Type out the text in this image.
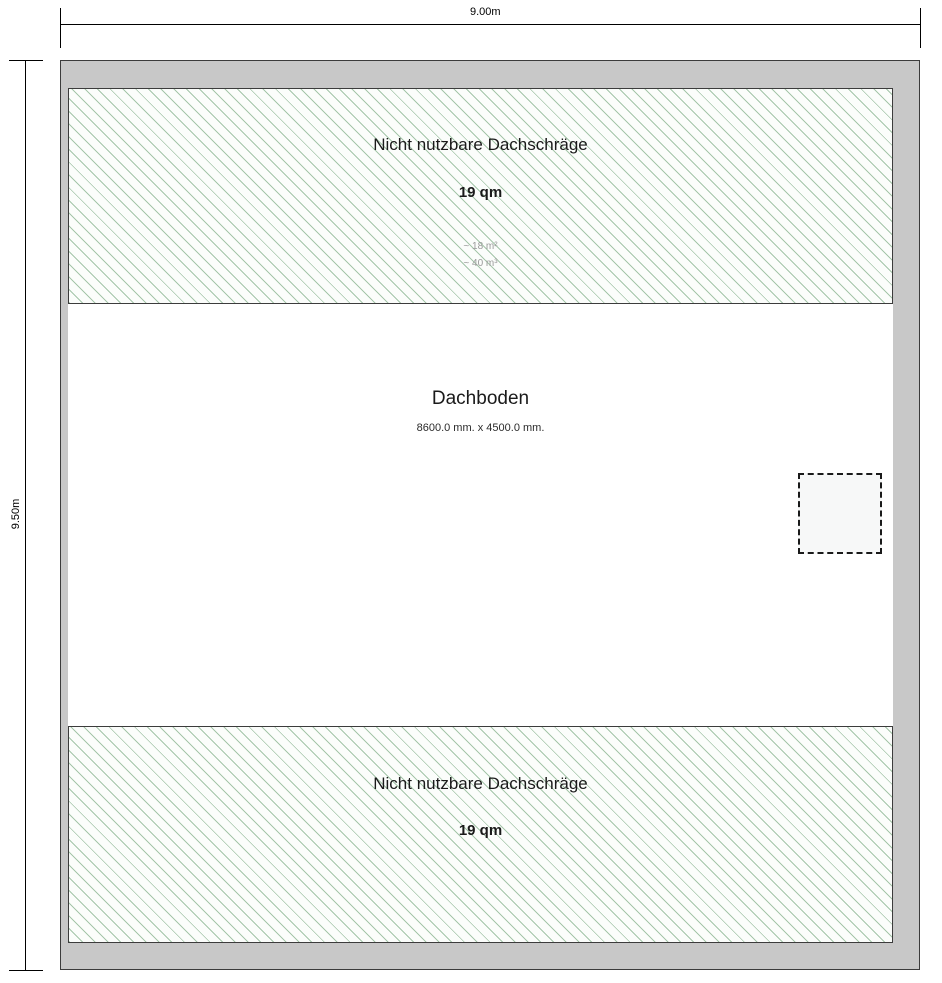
9.00m
9.50m
Nicht nutzbare Dachschräge
19 qm
~ 18 m²
~ 40 m³
Dachboden
8600.0 mm. x 4500.0 mm.
Nicht nutzbare Dachschräge
19 qm
